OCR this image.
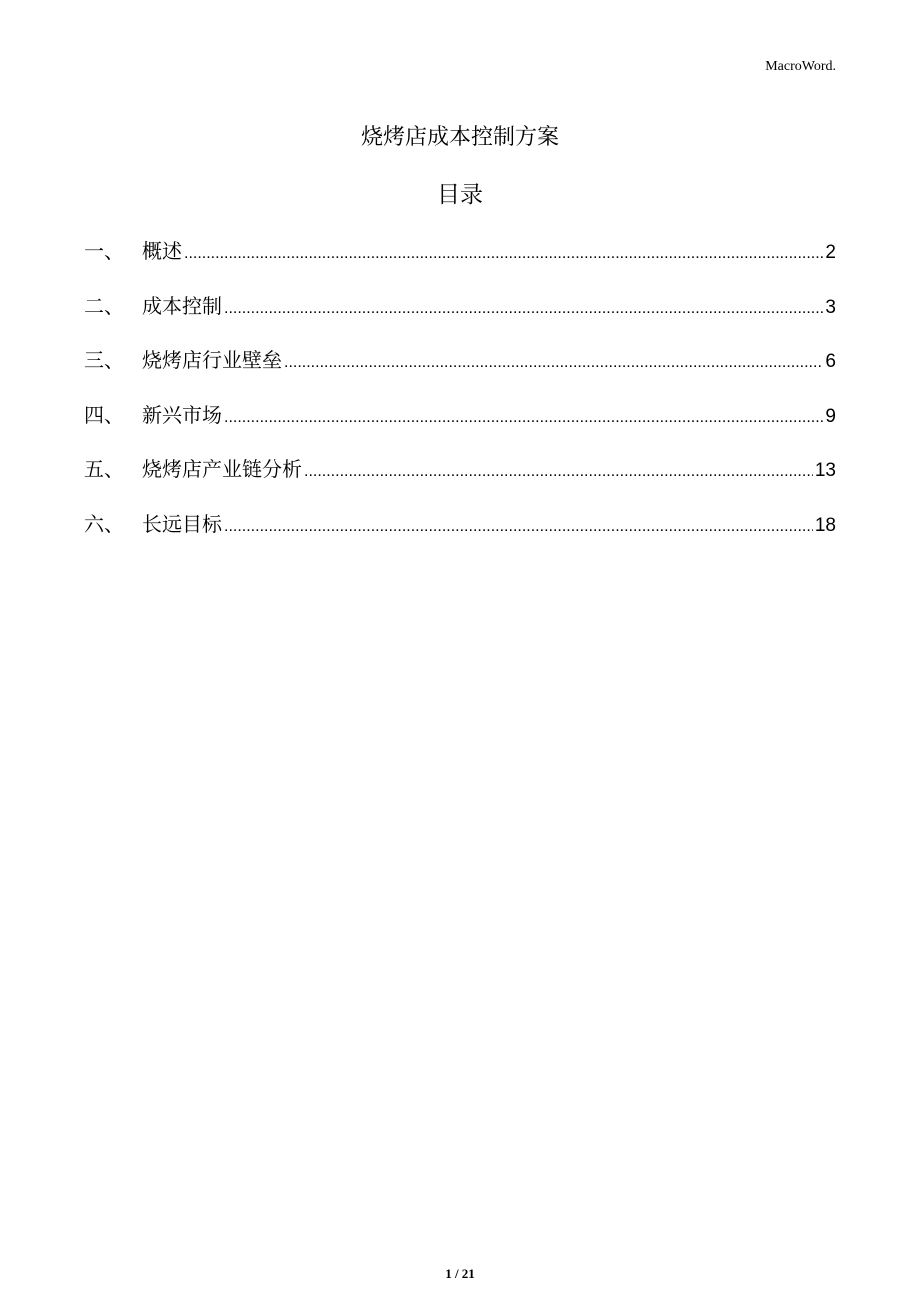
MacroWord.
烧烤店成本控制方案
目录
一、 概述 .....	2
二、 成本控制 .....	3
三、 烧烤店行业壁垒 .....	6
四、 新兴市场 .....	9
五、 烧烤店产业链分析 .....	13
六、 长远目标 .....	18
1 / 21
